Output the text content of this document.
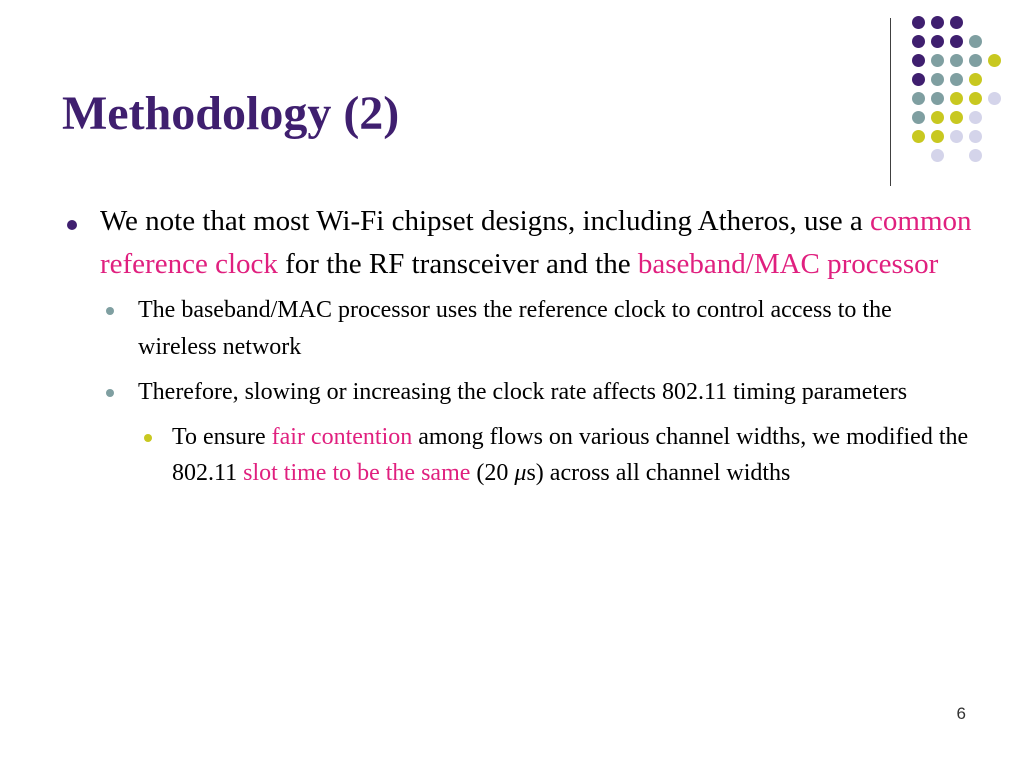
Methodology (2)
We note that most Wi-Fi chipset designs, including Atheros, use a common reference clock for the RF transceiver and the baseband/MAC processor
The baseband/MAC processor uses the reference clock to control access to the wireless network
Therefore, slowing or increasing the clock rate affects 802.11 timing parameters
To ensure fair contention among flows on various channel widths, we modified the 802.11 slot time to be the same (20 μs) across all channel widths
6
